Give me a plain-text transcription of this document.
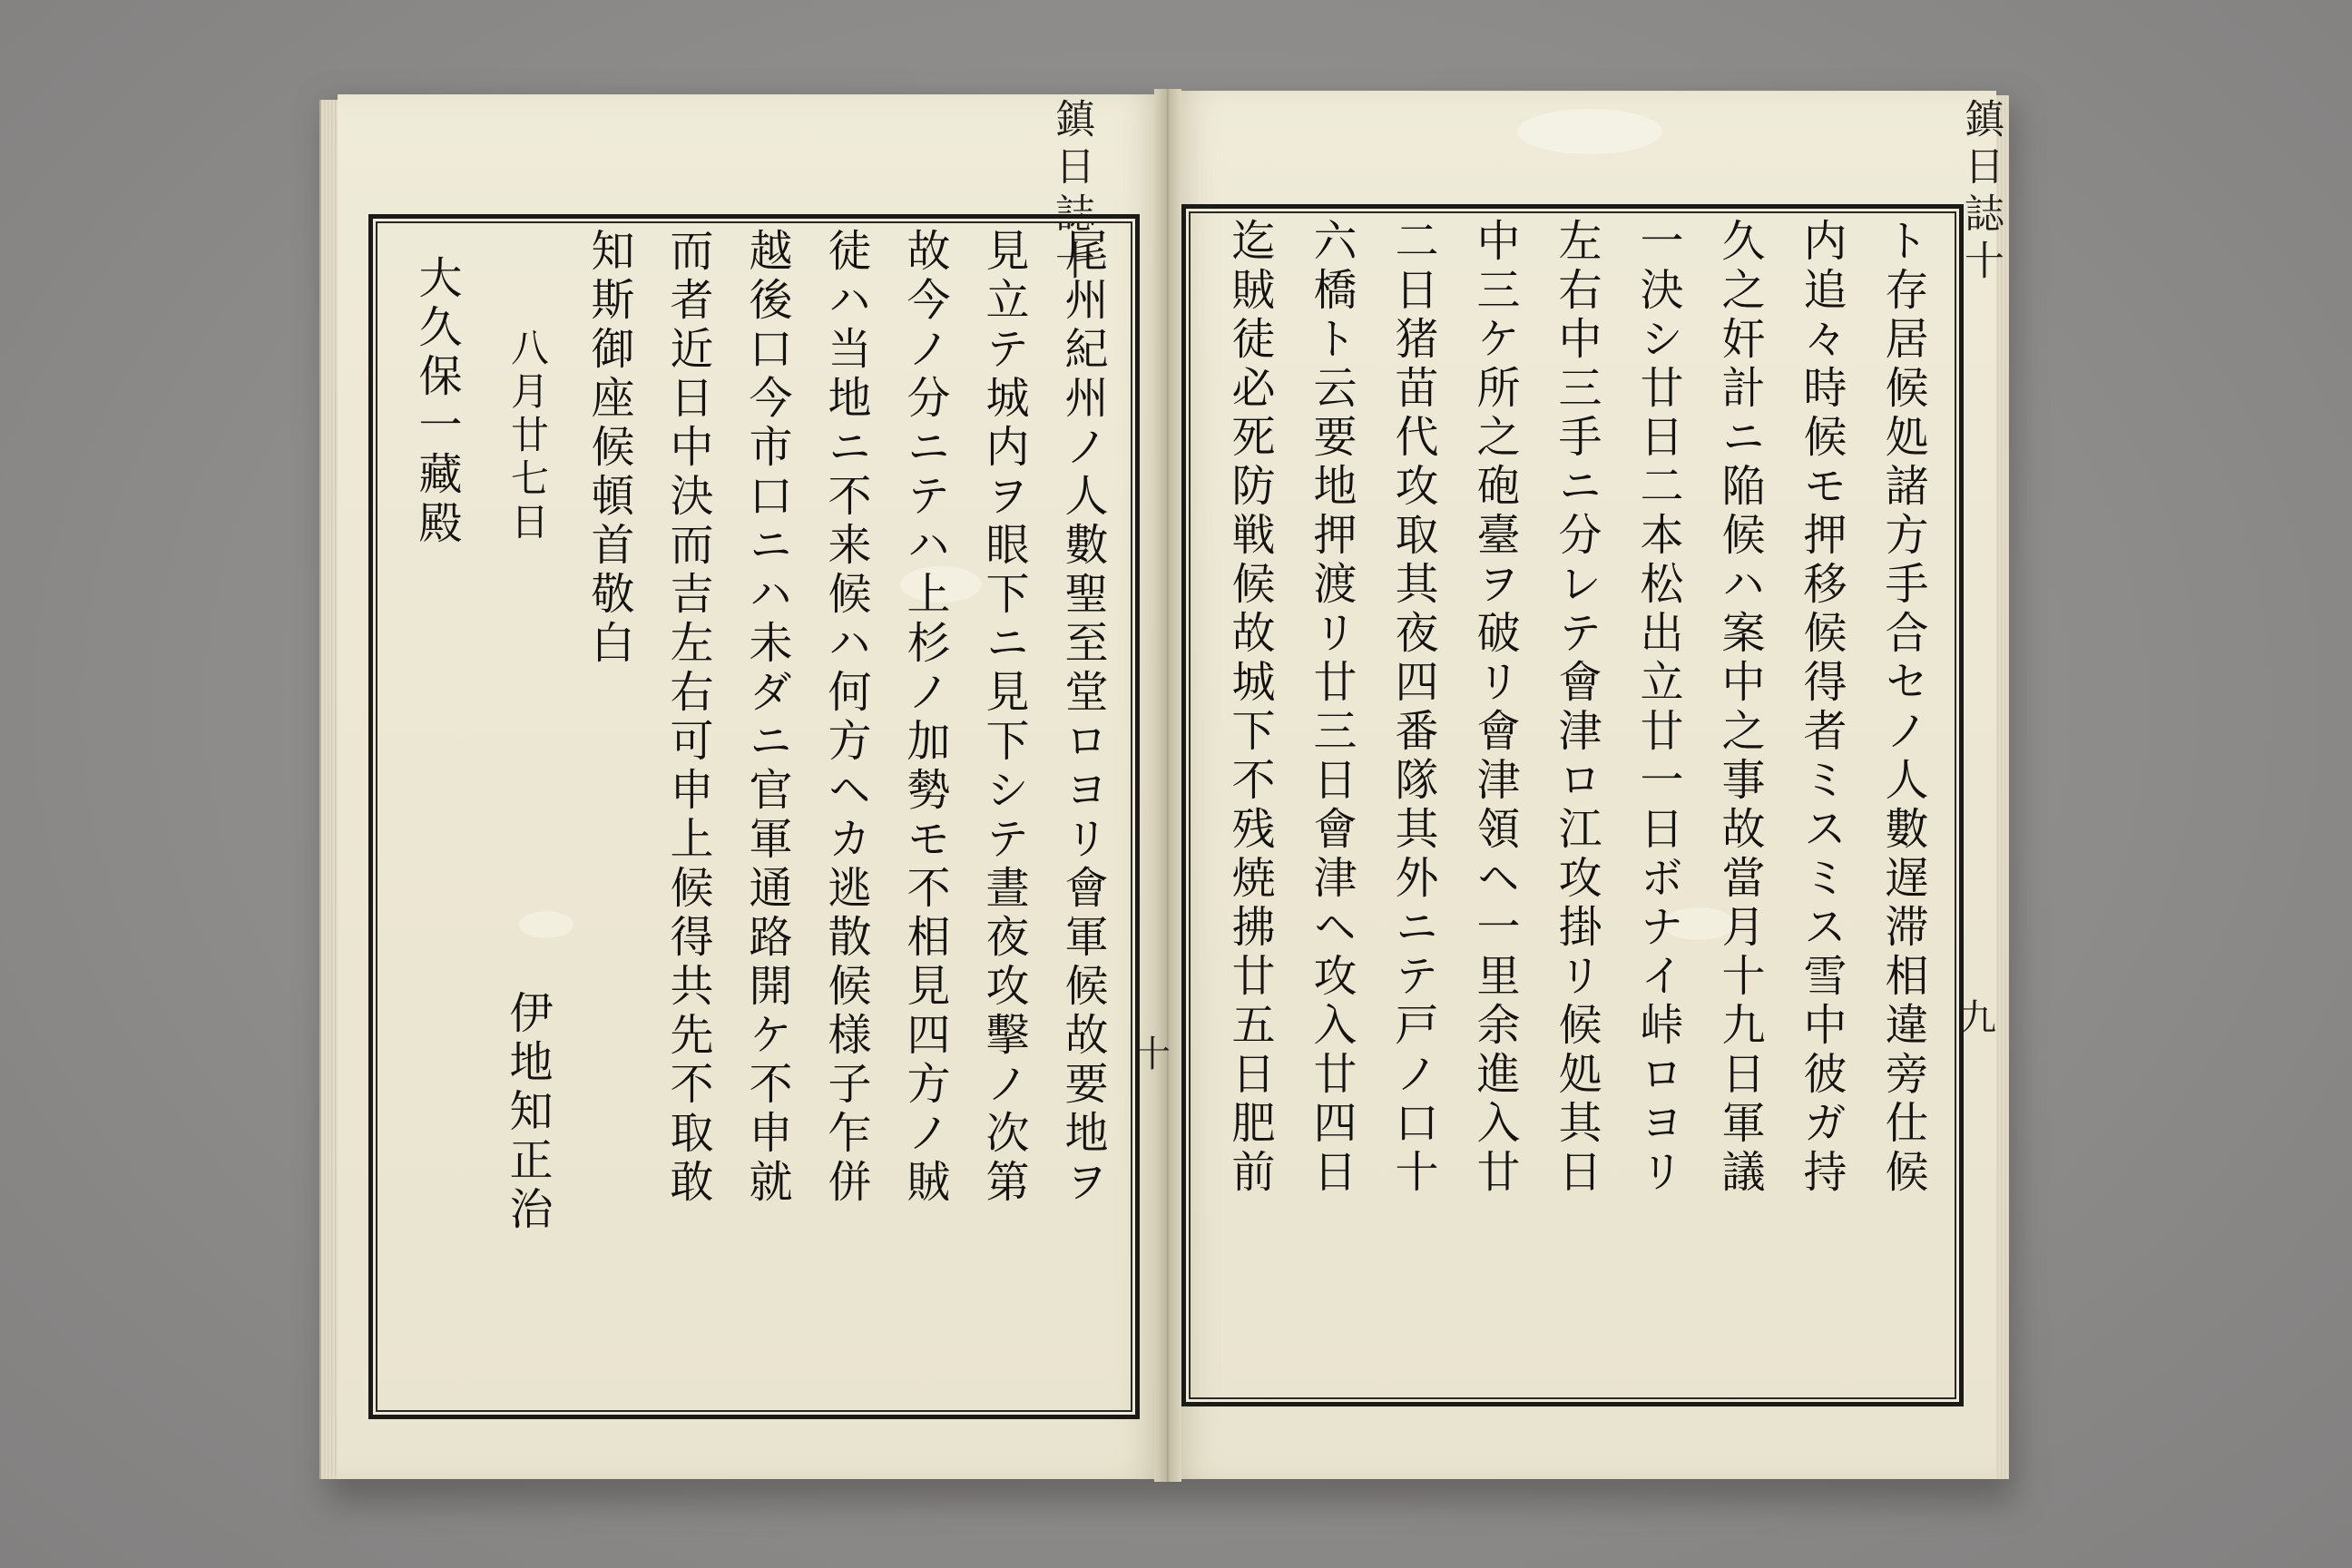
鎮日誌十
十
鎮日誌十
九
尾州紀州ノ人數聖至堂ロヨリ會軍候故要地ヲ
見立テ城内ヲ眼下ニ見下シテ晝夜攻擊ノ次第
故今ノ分ニテハ上杉ノ加勢モ不相見四方ノ賊
徒ハ当地ニ不来候ハ何方ヘカ逃散候様子乍併
越後口今市口ニハ未ダニ官軍通路開ケ不申就
而者近日中決而吉左右可申上候得共先不取敢
知斯御座候頓首敬白
八月廿七日
大久保一藏殿
伊地知正治	ト存居候処諸方手合セノ人數遅滞相違旁仕候
内追々時候モ押移候得者ミスミス雪中彼ガ持
久之奸計ニ陥候ハ案中之事故當月十九日軍議
一決シ廿日二本松出立廿一日ボナイ峠ロヨリ
左右中三手ニ分レテ會津ロ江攻掛リ候処其日
中三ケ所之砲臺ヲ破リ會津領ヘ一里余進入廿
二日猪苗代攻取其夜四番隊其外ニテ戸ノ口十
六橋ト云要地押渡リ廿三日會津ヘ攻入廿四日
迄賊徒必死防戦候故城下不残焼拂廿五日肥前
